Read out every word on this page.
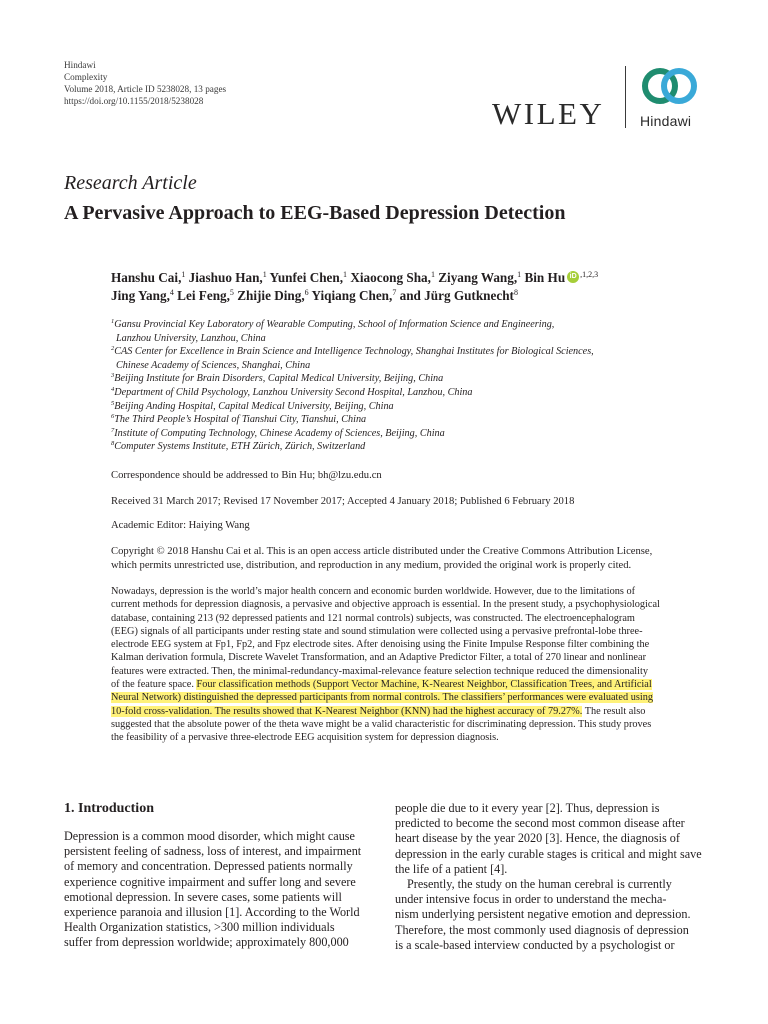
Hindawi
Complexity
Volume 2018, Article ID 5238028, 13 pages
https://doi.org/10.1155/2018/5238028	WILEY	Hindawi
Research Article
A Pervasive Approach to EEG-Based Depression Detection
Hanshu Cai,$^1$ Jiashuo Han,$^1$ Yunfei Chen,$^1$ Xiaocong Sha,$^1$ Ziyang Wang,$^1$ Bin Hu iD $^{,1,2,3}$
Jing Yang,$^4$ Lei Feng,$^5$ Zhijie Ding,$^6$ Yiqiang Chen,$^7$ and Jürg Gutknecht$^8$
$^1$Gansu Provincial Key Laboratory of Wearable Computing, School of Information Science and Engineering,
Lanzhou University, Lanzhou, China
$^2$CAS Center for Excellence in Brain Science and Intelligence Technology, Shanghai Institutes for Biological Sciences,
Chinese Academy of Sciences, Shanghai, China
$^3$Beijing Institute for Brain Disorders, Capital Medical University, Beijing, China
$^4$Department of Child Psychology, Lanzhou University Second Hospital, Lanzhou, China
$^5$Beijing Anding Hospital, Capital Medical University, Beijing, China
$^6$The Third People’s Hospital of Tianshui City, Tianshui, China
$^7$Institute of Computing Technology, Chinese Academy of Sciences, Beijing, China
$^8$Computer Systems Institute, ETH Zürich, Zürich, Switzerland
Correspondence should be addressed to Bin Hu; bh@lzu.edu.cn
Received 31 March 2017; Revised 17 November 2017; Accepted 4 January 2018; Published 6 February 2018
Academic Editor: Haiying Wang
Copyright © 2018 Hanshu Cai et al. This is an open access article distributed under the Creative Commons Attribution License,
which permits unrestricted use, distribution, and reproduction in any medium, provided the original work is properly cited.
Nowadays, depression is the world’s major health concern and economic burden worldwide. However, due to the limitations of
current methods for depression diagnosis, a pervasive and objective approach is essential. In the present study, a psychophysiological
database, containing 213 (92 depressed patients and 121 normal controls) subjects, was constructed. The electroencephalogram
(EEG) signals of all participants under resting state and sound stimulation were collected using a pervasive prefrontal-lobe three-
electrode EEG system at Fp1, Fp2, and Fpz electrode sites. After denoising using the Finite Impulse Response filter combining the
Kalman derivation formula, Discrete Wavelet Transformation, and an Adaptive Predictor Filter, a total of 270 linear and nonlinear
features were extracted. Then, the minimal-redundancy-maximal-relevance feature selection technique reduced the dimensionality
of the feature space. Four classification methods (Support Vector Machine, K-Nearest Neighbor, Classification Trees, and Artificial
Neural Network) distinguished the depressed participants from normal controls. The classifiers’ performances were evaluated using
10-fold cross-validation. The results showed that K-Nearest Neighbor (KNN) had the highest accuracy of 79.27%. The result also
suggested that the absolute power of the theta wave might be a valid characteristic for discriminating depression. This study proves
the feasibility of a pervasive three-electrode EEG acquisition system for depression diagnosis.
1. Introduction
Depression is a common mood disorder, which might cause
persistent feeling of sadness, loss of interest, and impairment
of memory and concentration. Depressed patients normally
experience cognitive impairment and suffer long and severe
emotional depression. In severe cases, some patients will
experience paranoia and illusion [1]. According to the World
Health Organization statistics, >300 million individuals
suffer from depression worldwide; approximately 800,000
people die due to it every year [2]. Thus, depression is
predicted to become the second most common disease after
heart disease by the year 2020 [3]. Hence, the diagnosis of
depression in the early curable stages is critical and might save
the life of a patient [4].
Presently, the study on the human cerebral is currently
under intensive focus in order to understand the mecha-
nism underlying persistent negative emotion and depression.
Therefore, the most commonly used diagnosis of depression
is a scale-based interview conducted by a psychologist or
